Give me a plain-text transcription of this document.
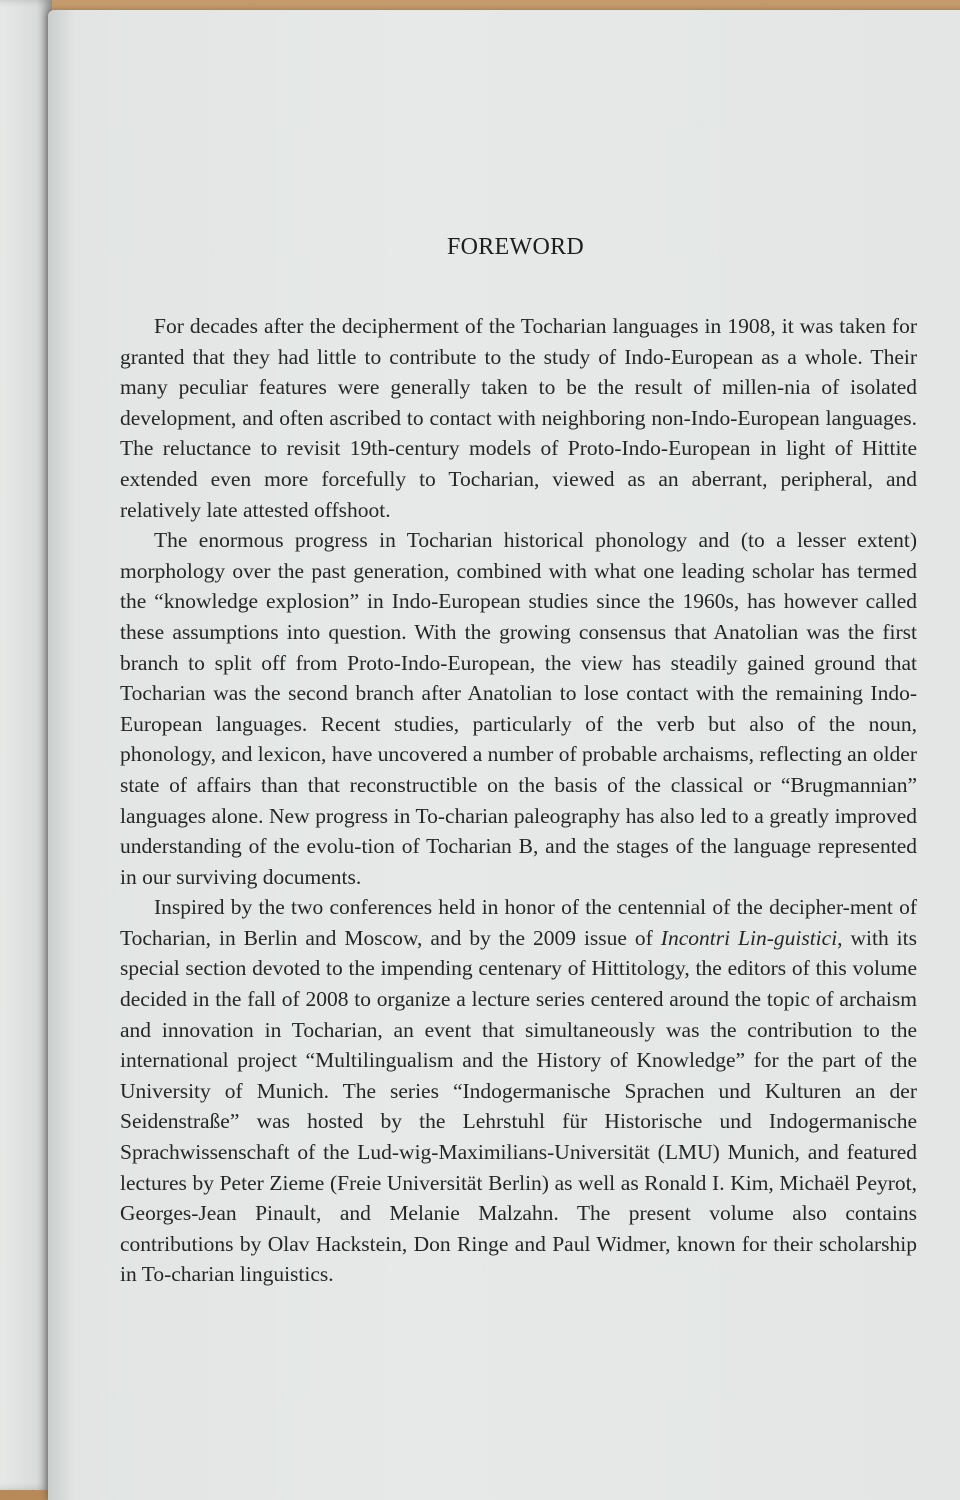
FOREWORD

For decades after the decipherment of the Tocharian languages in 1908, it was taken for granted that they had little to contribute to the study of Indo-European as a whole. Their many peculiar features were generally taken to be the result of millen-nia of isolated development, and often ascribed to contact with neighboring non-Indo-European languages. The reluctance to revisit 19th-century models of Proto-Indo-European in light of Hittite extended even more forcefully to Tocharian, viewed as an aberrant, peripheral, and relatively late attested offshoot.

The enormous progress in Tocharian historical phonology and (to a lesser extent) morphology over the past generation, combined with what one leading scholar has termed the “knowledge explosion” in Indo-European studies since the 1960s, has however called these assumptions into question. With the growing consensus that Anatolian was the first branch to split off from Proto-Indo-European, the view has steadily gained ground that Tocharian was the second branch after Anatolian to lose contact with the remaining Indo-European languages. Recent studies, particularly of the verb but also of the noun, phonology, and lexicon, have uncovered a number of probable archaisms, reflecting an older state of affairs than that reconstructible on the basis of the classical or “Brugmannian” languages alone. New progress in To-charian paleography has also led to a greatly improved understanding of the evolu-tion of Tocharian B, and the stages of the language represented in our surviving documents.

Inspired by the two conferences held in honor of the centennial of the decipher-ment of Tocharian, in Berlin and Moscow, and by the 2009 issue of Incontri Lin-guistici, with its special section devoted to the impending centenary of Hittitology, the editors of this volume decided in the fall of 2008 to organize a lecture series centered around the topic of archaism and innovation in Tocharian, an event that simultaneously was the contribution to the international project “Multilingualism and the History of Knowledge” for the part of the University of Munich. The series “Indogermanische Sprachen und Kulturen an der Seidenstraße” was hosted by the Lehrstuhl für Historische und Indogermanische Sprachwissenschaft of the Lud-wig-Maximilians-Universität (LMU) Munich, and featured lectures by Peter Zieme (Freie Universität Berlin) as well as Ronald I. Kim, Michaël Peyrot, Georges-Jean Pinault, and Melanie Malzahn. The present volume also contains contributions by Olav Hackstein, Don Ringe and Paul Widmer, known for their scholarship in To-charian linguistics.
